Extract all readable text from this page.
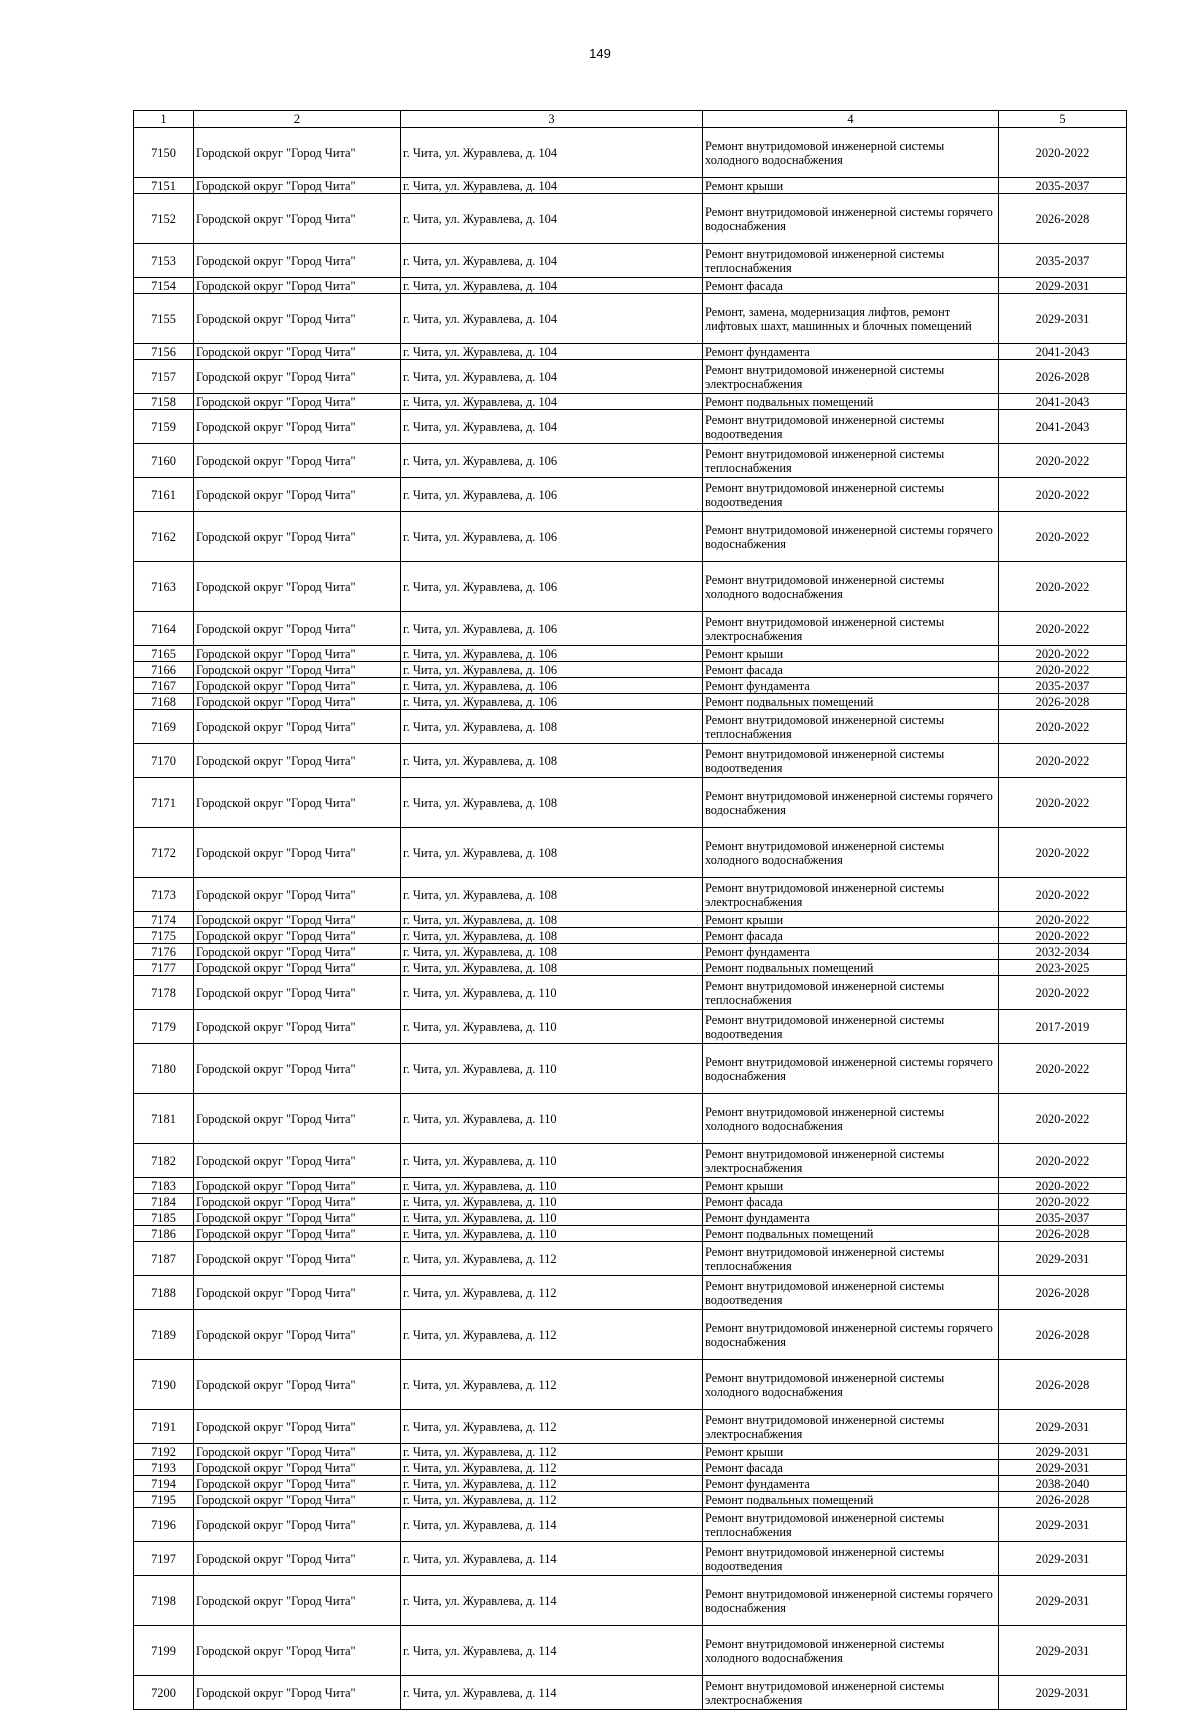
149
1	2	3	4	5
7150	Городской округ "Город Чита"	г. Чита, ул. Журавлева, д. 104	Ремонт внутридомовой инженерной системы холодного водоснабжения	2020-2022
7151	Городской округ "Город Чита"	г. Чита, ул. Журавлева, д. 104	Ремонт крыши	2035-2037
7152	Городской округ "Город Чита"	г. Чита, ул. Журавлева, д. 104	Ремонт внутридомовой инженерной системы горячего водоснабжения	2026-2028
7153	Городской округ "Город Чита"	г. Чита, ул. Журавлева, д. 104	Ремонт внутридомовой инженерной системы теплоснабжения	2035-2037
7154	Городской округ "Город Чита"	г. Чита, ул. Журавлева, д. 104	Ремонт фасада	2029-2031
7155	Городской округ "Город Чита"	г. Чита, ул. Журавлева, д. 104	Ремонт, замена, модернизация лифтов, ремонт лифтовых шахт, машинных и блочных помещений	2029-2031
7156	Городской округ "Город Чита"	г. Чита, ул. Журавлева, д. 104	Ремонт фундамента	2041-2043
7157	Городской округ "Город Чита"	г. Чита, ул. Журавлева, д. 104	Ремонт внутридомовой инженерной системы электроснабжения	2026-2028
7158	Городской округ "Город Чита"	г. Чита, ул. Журавлева, д. 104	Ремонт подвальных помещений	2041-2043
7159	Городской округ "Город Чита"	г. Чита, ул. Журавлева, д. 104	Ремонт внутридомовой инженерной системы водоотведения	2041-2043
7160	Городской округ "Город Чита"	г. Чита, ул. Журавлева, д. 106	Ремонт внутридомовой инженерной системы теплоснабжения	2020-2022
7161	Городской округ "Город Чита"	г. Чита, ул. Журавлева, д. 106	Ремонт внутридомовой инженерной системы водоотведения	2020-2022
7162	Городской округ "Город Чита"	г. Чита, ул. Журавлева, д. 106	Ремонт внутридомовой инженерной системы горячего водоснабжения	2020-2022
7163	Городской округ "Город Чита"	г. Чита, ул. Журавлева, д. 106	Ремонт внутридомовой инженерной системы холодного водоснабжения	2020-2022
7164	Городской округ "Город Чита"	г. Чита, ул. Журавлева, д. 106	Ремонт внутридомовой инженерной системы электроснабжения	2020-2022
7165	Городской округ "Город Чита"	г. Чита, ул. Журавлева, д. 106	Ремонт крыши	2020-2022
7166	Городской округ "Город Чита"	г. Чита, ул. Журавлева, д. 106	Ремонт фасада	2020-2022
7167	Городской округ "Город Чита"	г. Чита, ул. Журавлева, д. 106	Ремонт фундамента	2035-2037
7168	Городской округ "Город Чита"	г. Чита, ул. Журавлева, д. 106	Ремонт подвальных помещений	2026-2028
7169	Городской округ "Город Чита"	г. Чита, ул. Журавлева, д. 108	Ремонт внутридомовой инженерной системы теплоснабжения	2020-2022
7170	Городской округ "Город Чита"	г. Чита, ул. Журавлева, д. 108	Ремонт внутридомовой инженерной системы водоотведения	2020-2022
7171	Городской округ "Город Чита"	г. Чита, ул. Журавлева, д. 108	Ремонт внутридомовой инженерной системы горячего водоснабжения	2020-2022
7172	Городской округ "Город Чита"	г. Чита, ул. Журавлева, д. 108	Ремонт внутридомовой инженерной системы холодного водоснабжения	2020-2022
7173	Городской округ "Город Чита"	г. Чита, ул. Журавлева, д. 108	Ремонт внутридомовой инженерной системы электроснабжения	2020-2022
7174	Городской округ "Город Чита"	г. Чита, ул. Журавлева, д. 108	Ремонт крыши	2020-2022
7175	Городской округ "Город Чита"	г. Чита, ул. Журавлева, д. 108	Ремонт фасада	2020-2022
7176	Городской округ "Город Чита"	г. Чита, ул. Журавлева, д. 108	Ремонт фундамента	2032-2034
7177	Городской округ "Город Чита"	г. Чита, ул. Журавлева, д. 108	Ремонт подвальных помещений	2023-2025
7178	Городской округ "Город Чита"	г. Чита, ул. Журавлева, д. 110	Ремонт внутридомовой инженерной системы теплоснабжения	2020-2022
7179	Городской округ "Город Чита"	г. Чита, ул. Журавлева, д. 110	Ремонт внутридомовой инженерной системы водоотведения	2017-2019
7180	Городской округ "Город Чита"	г. Чита, ул. Журавлева, д. 110	Ремонт внутридомовой инженерной системы горячего водоснабжения	2020-2022
7181	Городской округ "Город Чита"	г. Чита, ул. Журавлева, д. 110	Ремонт внутридомовой инженерной системы холодного водоснабжения	2020-2022
7182	Городской округ "Город Чита"	г. Чита, ул. Журавлева, д. 110	Ремонт внутридомовой инженерной системы электроснабжения	2020-2022
7183	Городской округ "Город Чита"	г. Чита, ул. Журавлева, д. 110	Ремонт крыши	2020-2022
7184	Городской округ "Город Чита"	г. Чита, ул. Журавлева, д. 110	Ремонт фасада	2020-2022
7185	Городской округ "Город Чита"	г. Чита, ул. Журавлева, д. 110	Ремонт фундамента	2035-2037
7186	Городской округ "Город Чита"	г. Чита, ул. Журавлева, д. 110	Ремонт подвальных помещений	2026-2028
7187	Городской округ "Город Чита"	г. Чита, ул. Журавлева, д. 112	Ремонт внутридомовой инженерной системы теплоснабжения	2029-2031
7188	Городской округ "Город Чита"	г. Чита, ул. Журавлева, д. 112	Ремонт внутридомовой инженерной системы водоотведения	2026-2028
7189	Городской округ "Город Чита"	г. Чита, ул. Журавлева, д. 112	Ремонт внутридомовой инженерной системы горячего водоснабжения	2026-2028
7190	Городской округ "Город Чита"	г. Чита, ул. Журавлева, д. 112	Ремонт внутридомовой инженерной системы холодного водоснабжения	2026-2028
7191	Городской округ "Город Чита"	г. Чита, ул. Журавлева, д. 112	Ремонт внутридомовой инженерной системы электроснабжения	2029-2031
7192	Городской округ "Город Чита"	г. Чита, ул. Журавлева, д. 112	Ремонт крыши	2029-2031
7193	Городской округ "Город Чита"	г. Чита, ул. Журавлева, д. 112	Ремонт фасада	2029-2031
7194	Городской округ "Город Чита"	г. Чита, ул. Журавлева, д. 112	Ремонт фундамента	2038-2040
7195	Городской округ "Город Чита"	г. Чита, ул. Журавлева, д. 112	Ремонт подвальных помещений	2026-2028
7196	Городской округ "Город Чита"	г. Чита, ул. Журавлева, д. 114	Ремонт внутридомовой инженерной системы теплоснабжения	2029-2031
7197	Городской округ "Город Чита"	г. Чита, ул. Журавлева, д. 114	Ремонт внутридомовой инженерной системы водоотведения	2029-2031
7198	Городской округ "Город Чита"	г. Чита, ул. Журавлева, д. 114	Ремонт внутридомовой инженерной системы горячего водоснабжения	2029-2031
7199	Городской округ "Город Чита"	г. Чита, ул. Журавлева, д. 114	Ремонт внутридомовой инженерной системы холодного водоснабжения	2029-2031
7200	Городской округ "Город Чита"	г. Чита, ул. Журавлева, д. 114	Ремонт внутридомовой инженерной системы электроснабжения	2029-2031
